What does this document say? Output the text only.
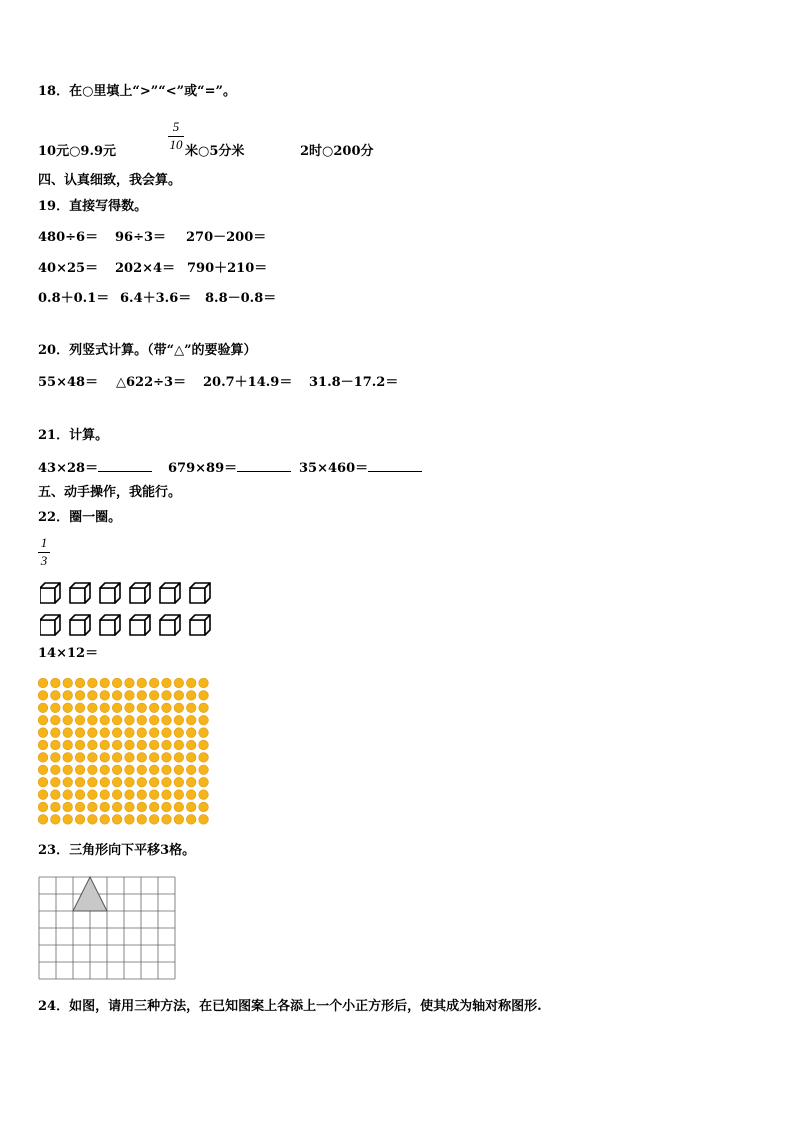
18．在○里填上“>”“<”或“=”。
10元○9.9元
5
10 米○5分米	2时○200分
四、认真细致，我会算。
19．直接写得数。
480÷6＝ 96÷3＝ 270－200＝
40×25＝ 202×4＝ 790＋210＝
0.8＋0.1＝ 6.4＋3.6＝ 8.8－0.8＝
20．列竖式计算。（带“△”的要验算）
55×48＝ △622÷3＝ 20.7＋14.9＝ 31.8－17.2＝
21．计算。
43×28＝	679×89＝	35×460＝
五、动手操作，我能行。
22．圈一圈。
1
3
14×12＝
23．三角形向下平移3格。
24．如图，请用三种方法，在已知图案上各添上一个小正方形后，使其成为轴对称图形.
